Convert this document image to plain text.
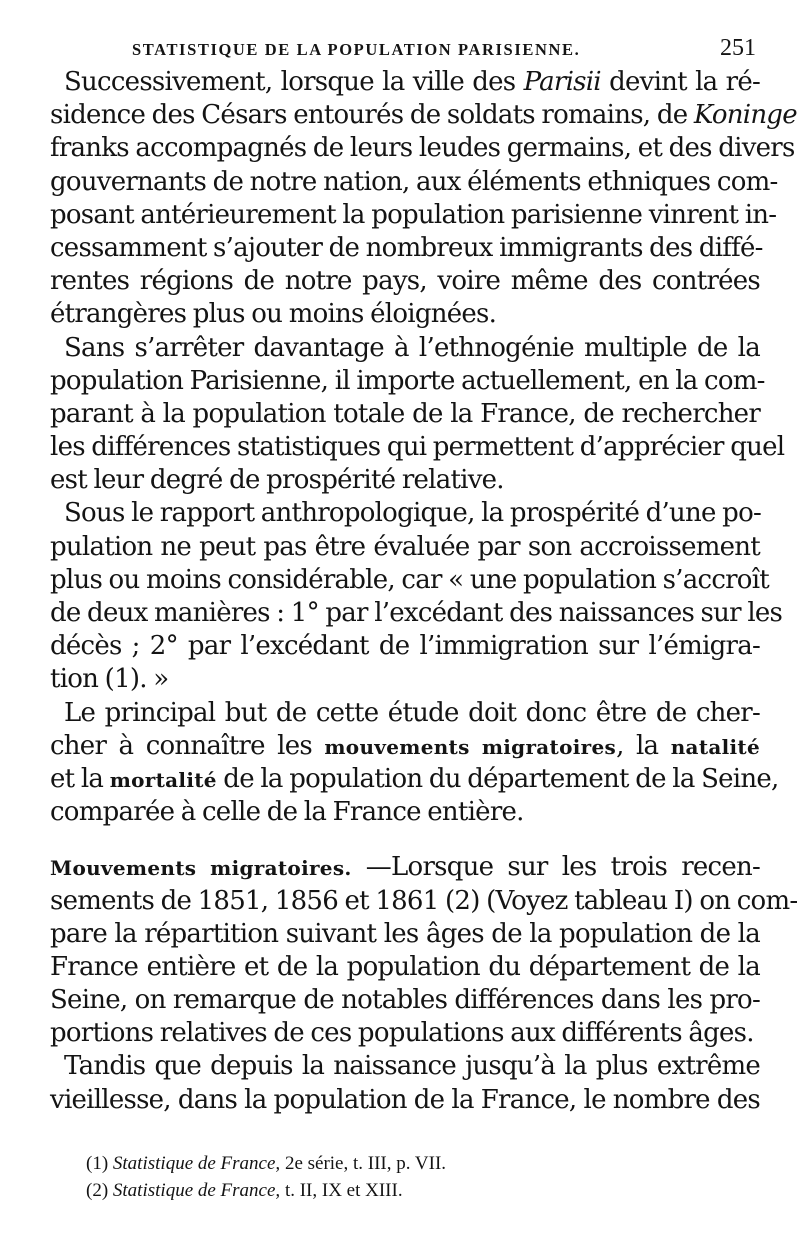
STATISTIQUE DE LA POPULATION PARISIENNE.	251
Successivement, lorsque la ville des Parisii devint la ré-
sidence des Césars entourés de soldats romains, de Koninge
franks accompagnés de leurs leudes germains, et des divers
gouvernants de notre nation, aux éléments ethniques com-
posant antérieurement la population parisienne vinrent in-
cessamment s’ajouter de nombreux immigrants des diffé-
rentes régions de notre pays, voire même des contrées
étrangères plus ou moins éloignées.
Sans s’arrêter davantage à l’ethnogénie multiple de la
population Parisienne, il importe actuellement, en la com-
parant à la population totale de la France, de rechercher
les différences statistiques qui permettent d’apprécier quel
est leur degré de prospérité relative.
Sous le rapport anthropologique, la prospérité d’une po-
pulation ne peut pas être évaluée par son accroissement
plus ou moins considérable, car « une population s’accroît
de deux manières : 1° par l’excédant des naissances sur les
décès ; 2° par l’excédant de l’immigration sur l’émigra-
tion (1). »
Le principal but de cette étude doit donc être de cher-
cher à connaître les mouvements migratoires, la natalité
et la mortalité de la population du département de la Seine,
comparée à celle de la France entière.
Mouvements migratoires. —Lorsque sur les trois recen-
sements de 1851, 1856 et 1861 (2) (Voyez tableau I) on com-
pare la répartition suivant les âges de la population de la
France entière et de la population du département de la
Seine, on remarque de notables différences dans les pro-
portions relatives de ces populations aux différents âges.
Tandis que depuis la naissance jusqu’à la plus extrême
vieillesse, dans la population de la France, le nombre des
(1) Statistique de France, 2e série, t. III, p. VII.
(2) Statistique de France, t. II, IX et XIII.
